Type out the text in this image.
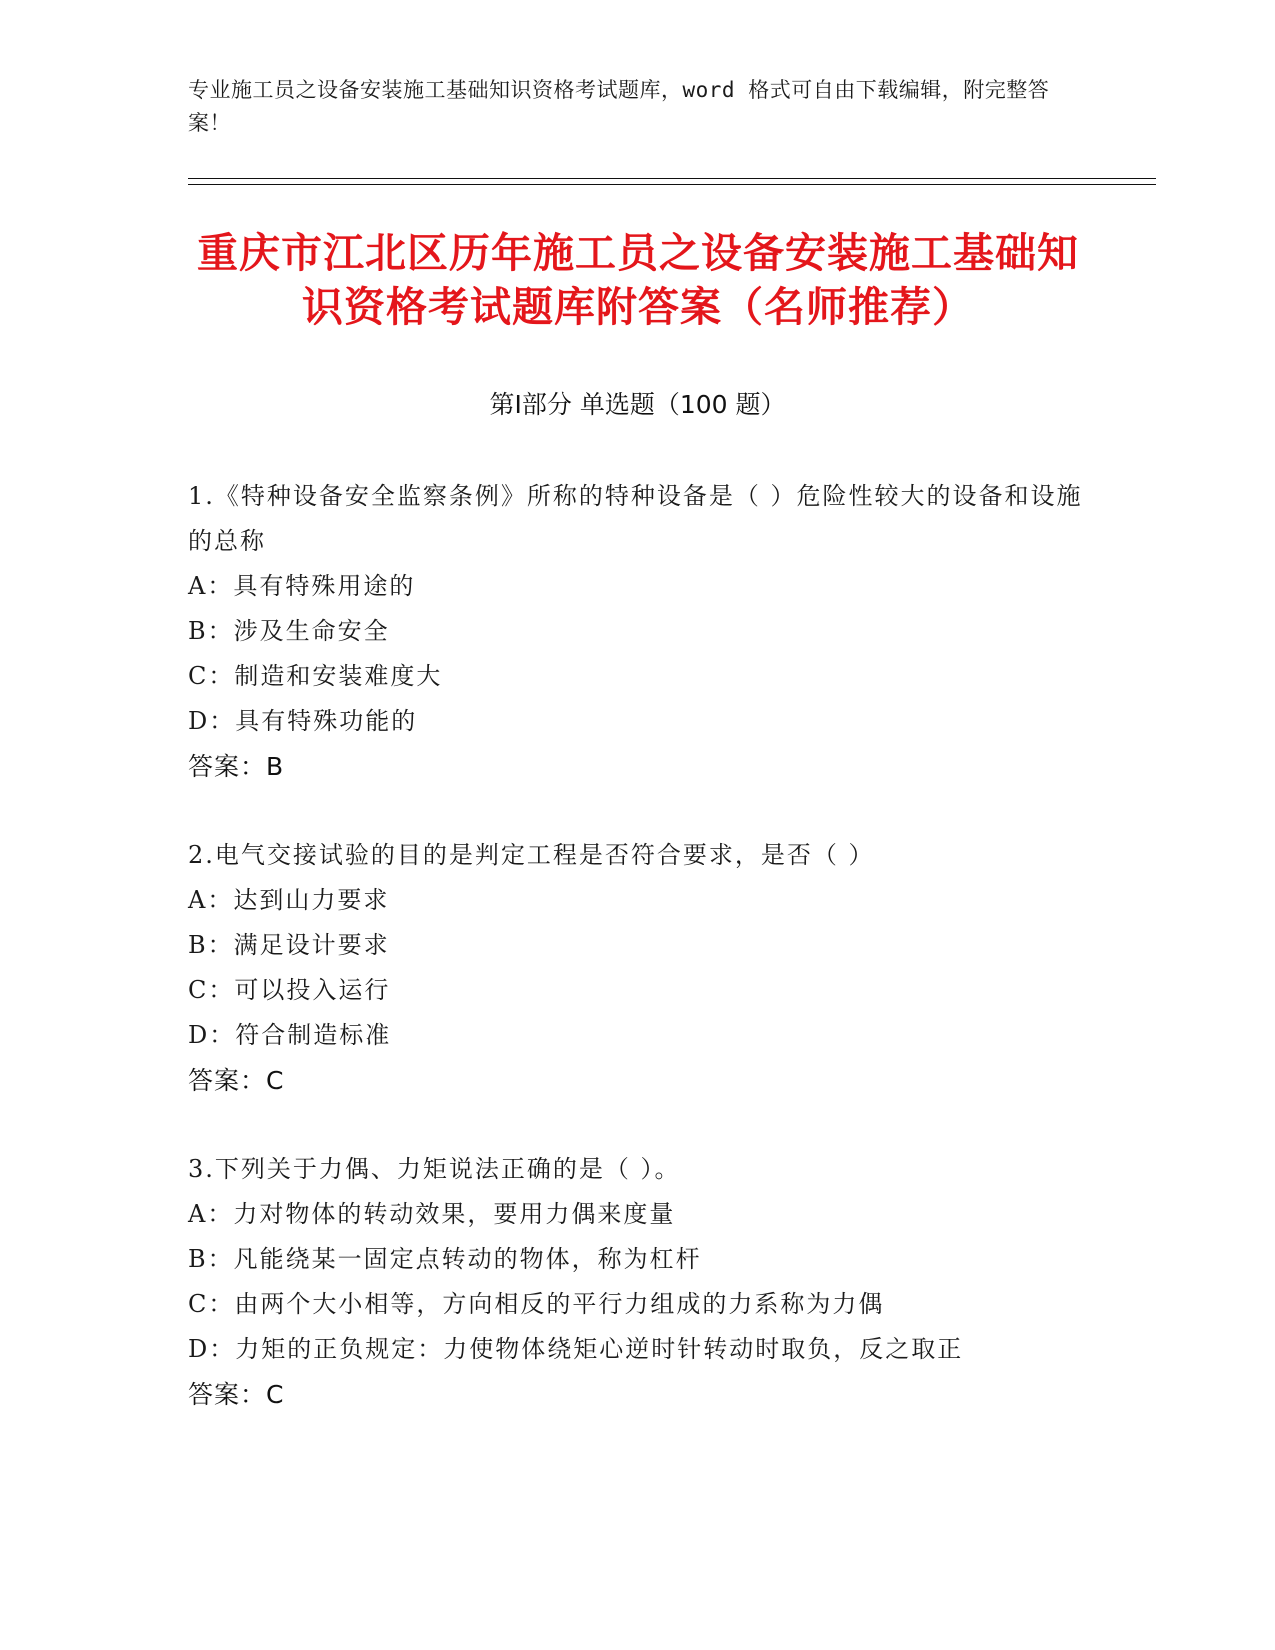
专业施工员之设备安装施工基础知识资格考试题库，word 格式可自由下载编辑，附完整答案！
重庆市江北区历年施工员之设备安装施工基础知识资格考试题库附答案（名师推荐）
第Ⅰ部分 单选题（100 题）

1.《特种设备安全监察条例》所称的特种设备是（ ）危险性较大的设备和设施的总称

A：具有特殊用途的

B：涉及生命安全

C：制造和安装难度大

D：具有特殊功能的

答案：B

2.电气交接试验的目的是判定工程是否符合要求，是否（ ）

A：达到山力要求

B：满足设计要求

C：可以投入运行

D：符合制造标准

答案：C

3.下列关于力偶、力矩说法正确的是（ ）。

A：力对物体的转动效果，要用力偶来度量

B：凡能绕某一固定点转动的物体，称为杠杆

C：由两个大小相等，方向相反的平行力组成的力系称为力偶

D：力矩的正负规定：力使物体绕矩心逆时针转动时取负，反之取正

答案：C
